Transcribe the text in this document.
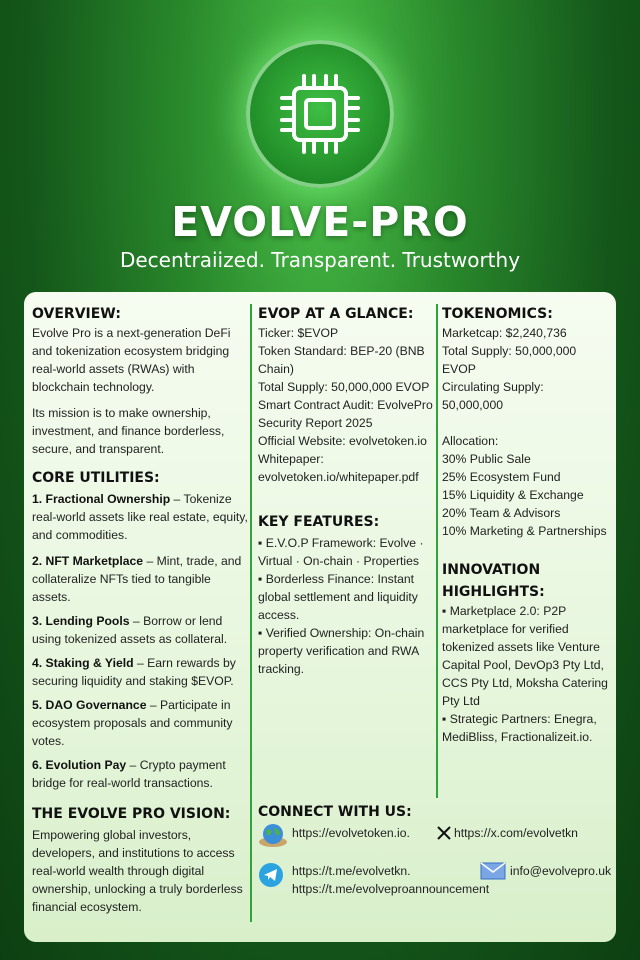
EVOLVE-PRO
Decentraiized. Transparent. Trustworthy
OVERVIEW:
Evolve Pro is a next-generation DeFi and tokenization ecosystem bridging real-world assets (RWAs) with blockchain technology.
Its mission is to make ownership, investment, and finance borderless, secure, and transparent.
CORE UTILITIES:
1. Fractional Ownership – Tokenize real-world assets like real estate, equity, and commodities.
2. NFT Marketplace – Mint, trade, and collateralize NFTs tied to tangible assets.
3. Lending Pools – Borrow or lend using tokenized assets as collateral.
4. Staking & Yield – Earn rewards by securing liquidity and staking $EVOP.
5. DAO Governance – Participate in ecosystem proposals and community votes.
6. Evolution Pay – Crypto payment bridge for real-world transactions.
THE EVOLVE PRO VISION:
Empowering global investors, developers, and institutions to access real-world wealth through digital ownership, unlocking a truly borderless financial ecosystem.
EVOP AT A GLANCE:
Ticker: $EVOP
Token Standard: BEP-20 (BNB
Chain)
Total Supply: 50,000,000 EVOP
Smart Contract Audit: EvolvePro
Security Report 2025
Official Website: evolvetoken.io
Whitepaper:
evolvetoken.io/whitepaper.pdf
KEY FEATURES:
▪ E.V.O.P Framework: Evolve · Virtual · On-chain · Properties
▪ Borderless Finance: Instant global settlement and liquidity access.
▪ Verified Ownership: On-chain property verification and RWA tracking.
TOKENOMICS:
Marketcap: $2,240,736
Total Supply: 50,000,000
EVOP
Circulating Supply:
50,000,000
Allocation:
30% Public Sale
25% Ecosystem Fund
15% Liquidity & Exchange
20% Team & Advisors
10% Marketing & Partnerships
INNOVATION
HIGHLIGHTS:
▪ Marketplace 2.0: P2P marketplace for verified tokenized assets like Venture Capital Pool, DevOp3 Pty Ltd, CCS Pty Ltd, Moksha Catering Pty Ltd
▪ Strategic Partners: Enegra, MediBliss, Fractionalizeit.io.
CONNECT WITH US:
https://evolvetoken.io.	https://x.com/evolvetkn
https://t.me/evolvetkn.
https://t.me/evolveproannouncement
info@evolvepro.uk
